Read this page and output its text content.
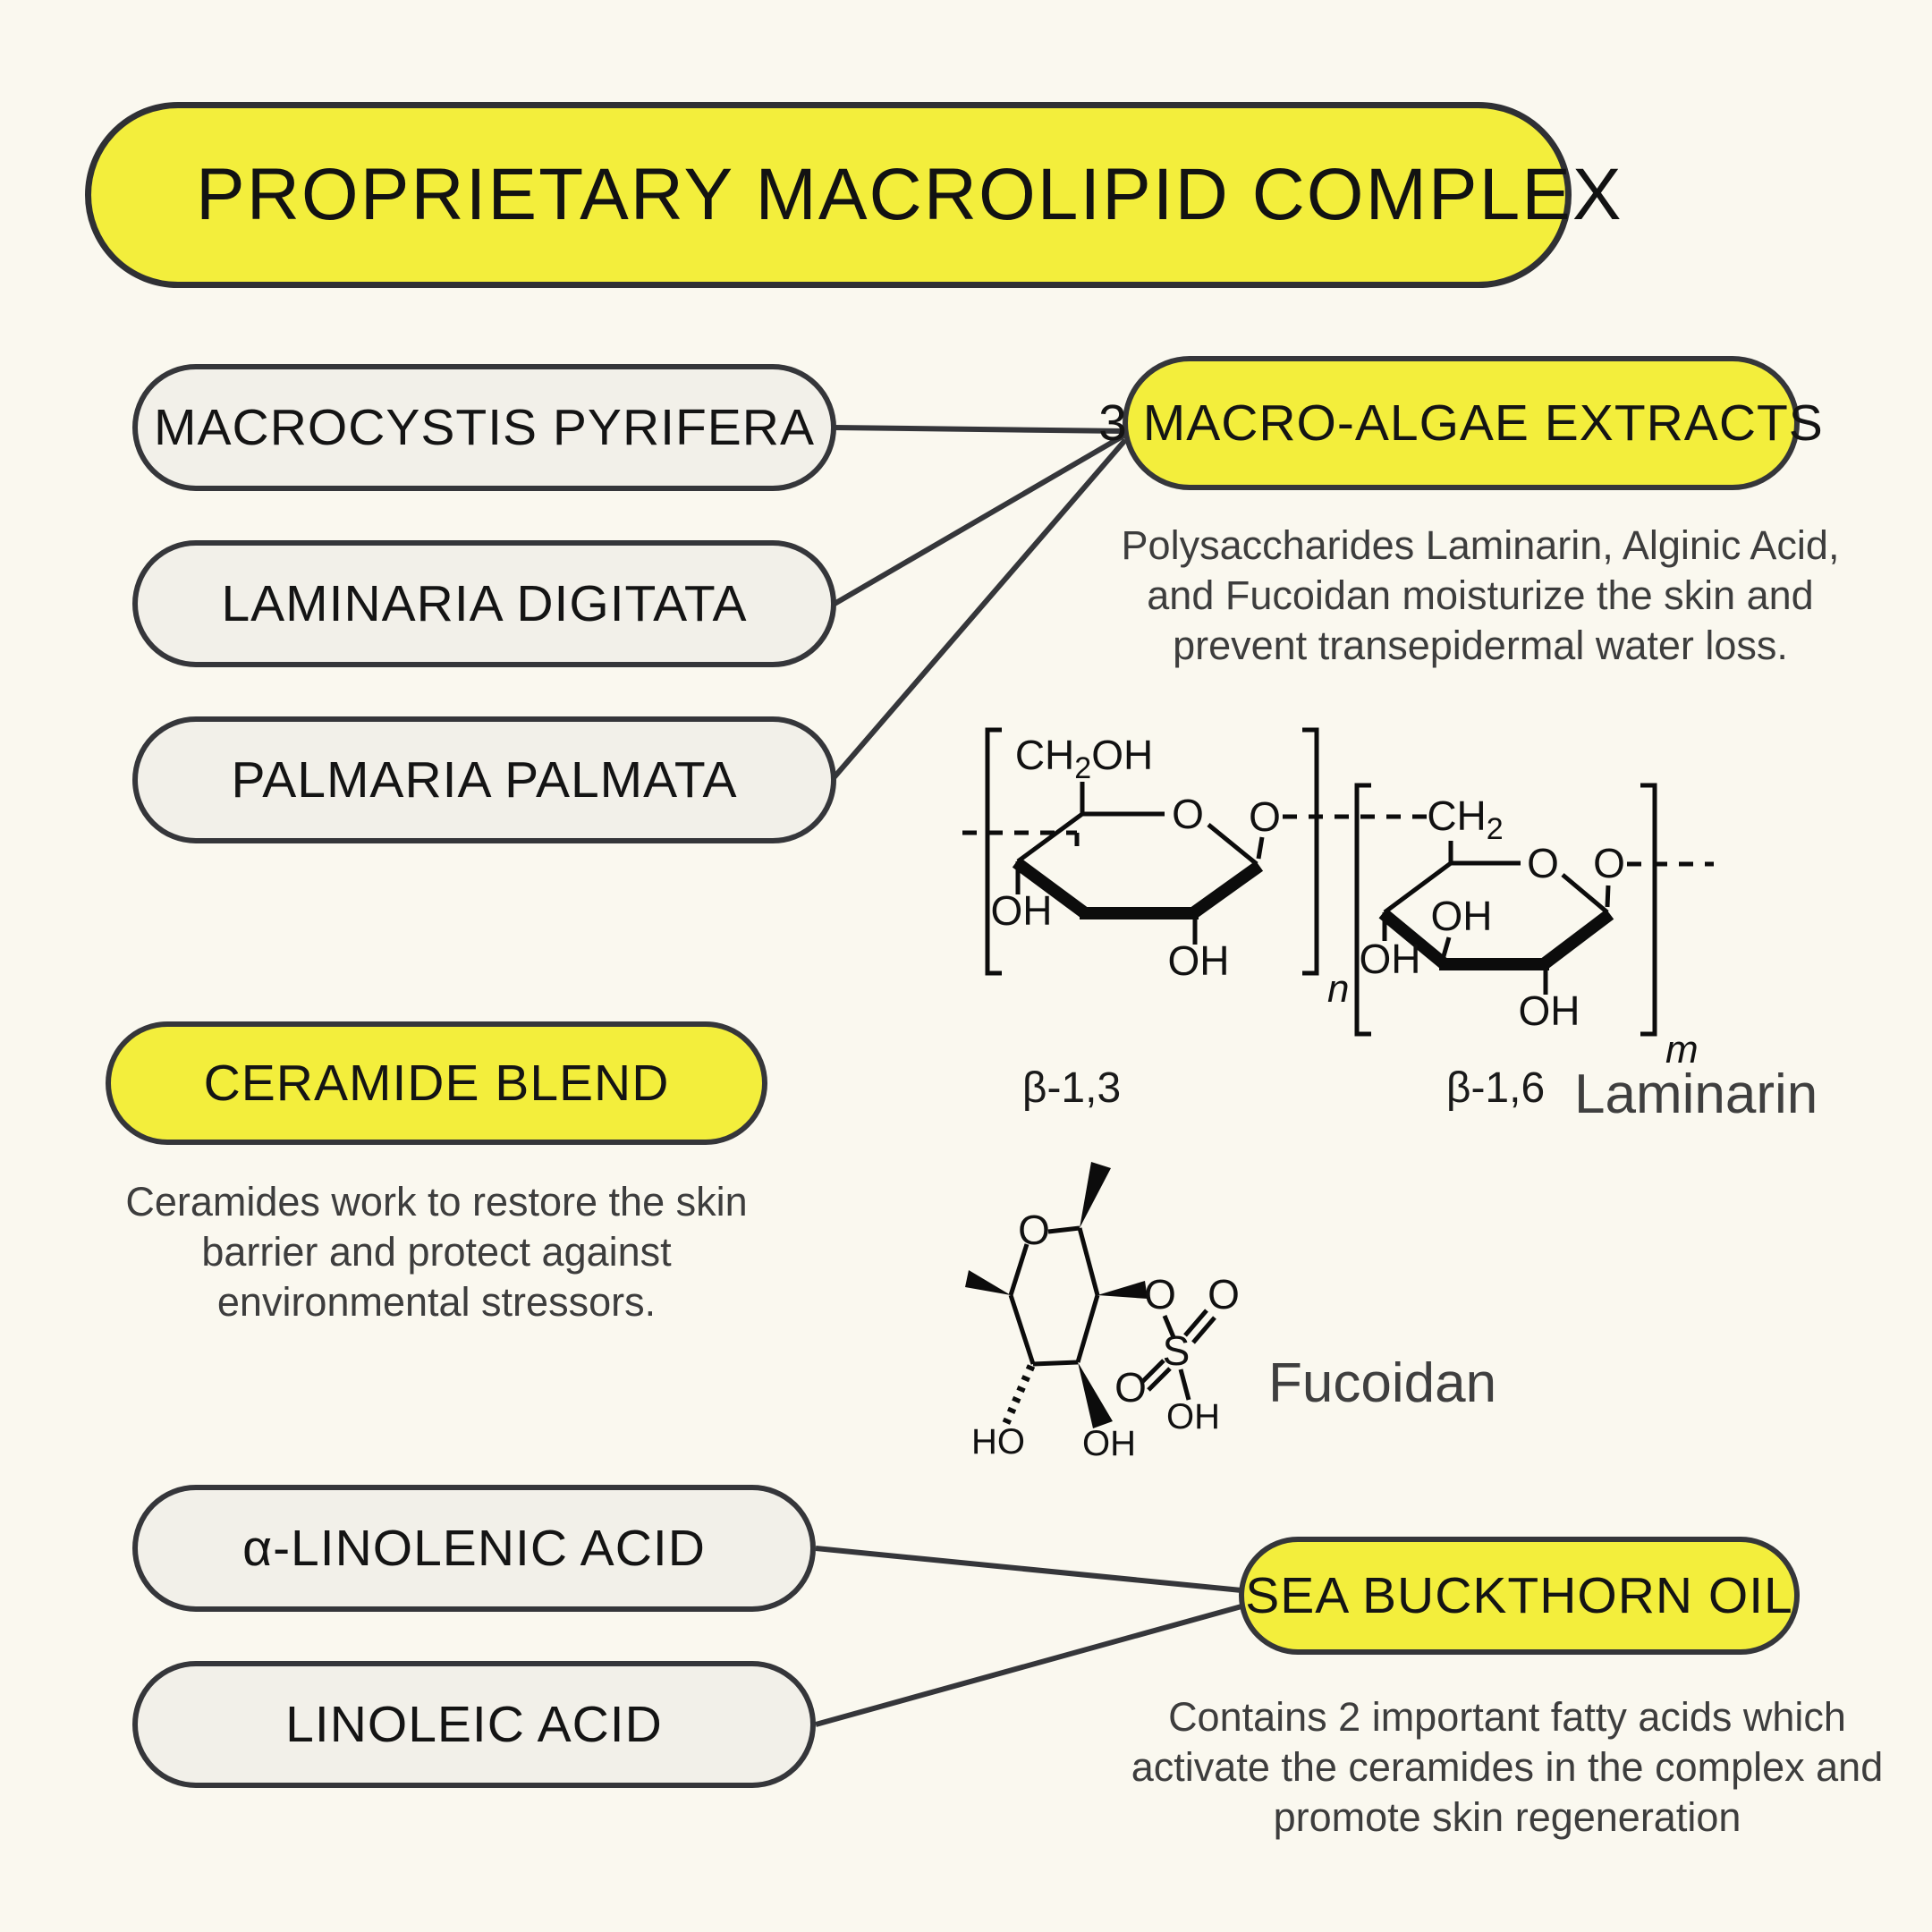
PROPRIETARY MACROLIPID COMPLEX
MACROCYSTIS PYRIFERA
LAMINARIA DIGITATA
PALMARIA PALMATA
3 MACRO-ALGAE EXTRACTS
Polysaccharides Laminarin, Alginic Acid, and Fucoidan moisturize the skin and prevent transepidermal water loss.
n
$CH_2OH$
O O
OH
OH
β-1,3
m
$CH_2$
O O
OH
OH
OH
β-1,6 Laminarin
CERAMIDE BLEND
Ceramides work to restore the skin barrier and protect against environmental stressors.
O
O
S
O
O
OH
HO OH
Fucoidan
α-LINOLENIC ACID
LINOLEIC ACID
SEA BUCKTHORN OIL
Contains 2 important fatty acids which activate the ceramides in the complex and promote skin regeneration
